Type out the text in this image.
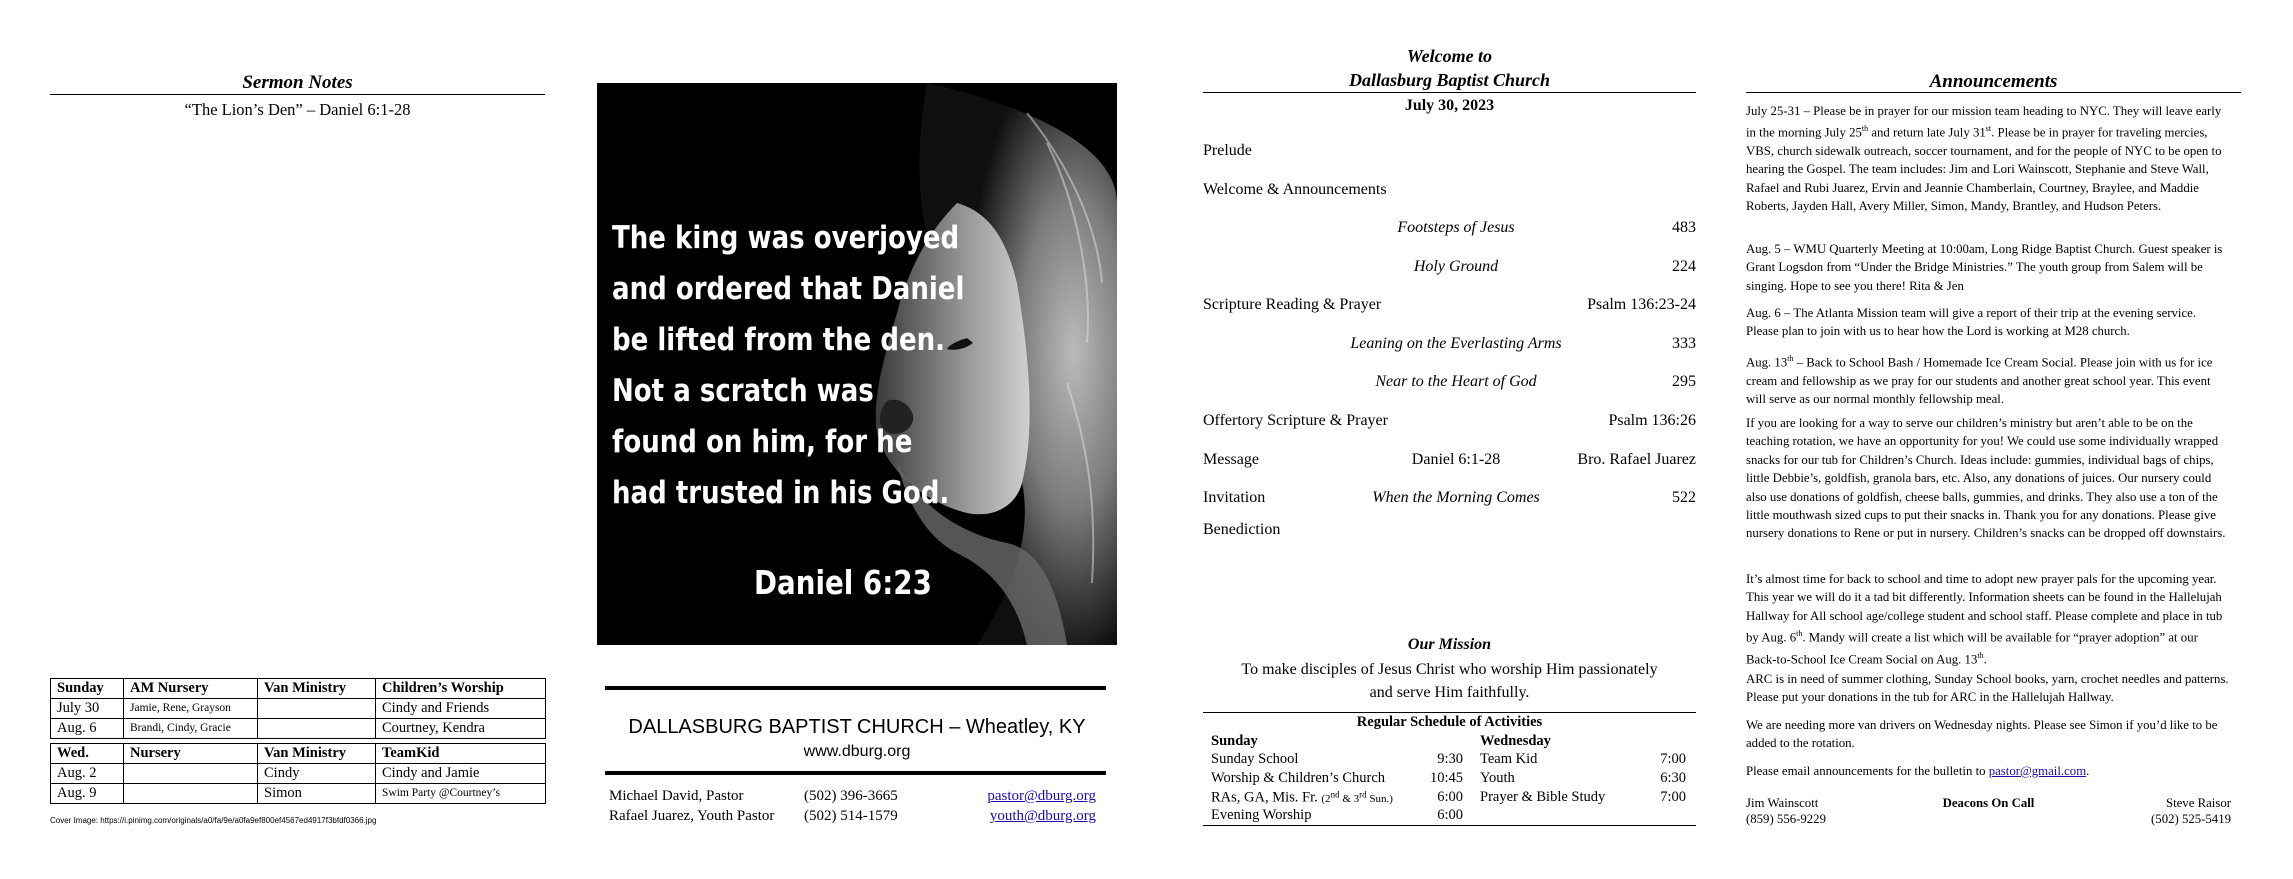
Sermon Notes
“The Lion’s Den” – Daniel 6:1-28
Sunday	AM Nursery	Van Ministry	Children’s Worship
July 30	Jamie, Rene, Grayson		Cindy and Friends
Aug. 6	Brandi, Cindy, Gracie		Courtney, Kendra
Wed.	Nursery	Van Ministry	TeamKid
Aug. 2		Cindy	Cindy and Jamie
Aug. 9		Simon	Swim Party @Courtney’s
Cover Image: https://i.pinimg.com/originals/a0/fa/9e/a0fa9ef800ef4567ed4917f3bfdf0366.jpg
The king was overjoyed
and ordered that Daniel
be lifted from the den.
Not a scratch was
found on him, for he
had trusted in his God.
Daniel 6:23
DALLASBURG BAPTIST CHURCH – Wheatley, KY
www.dburg.org
Michael David, Pastor	(502) 396-3665	pastor@dburg.org
Rafael Juarez, Youth Pastor (502) 514-1579	youth@dburg.org
Welcome to
Dallasburg Baptist Church
July 30, 2023
Prelude
Welcome & Announcements
Footsteps of Jesus	483
Holy Ground	224
Scripture Reading & Prayer	Psalm 136:23-24
Leaning on the Everlasting Arms	333
Near to the Heart of God	295
Offertory Scripture & Prayer	Psalm 136:26
Message	Daniel 6:1-28	Bro. Rafael Juarez
Invitation	When the Morning Comes	522
Benediction
Our Mission
To make disciples of Jesus Christ who worship Him passionately
and serve Him faithfully.
Regular Schedule of Activities
Sunday	Wednesday
Sunday School	9:30 Team Kid	7:00
Worship & Children’s Church	10:45 Youth	6:30
RAs, GA, Mis. Fr. (2nd & 3rd Sun.)	6:00 Prayer & Bible Study	7:00
Evening Worship	6:00
Announcements
July 25-31 – Please be in prayer for our mission team heading to NYC. They will leave early in the morning July 25th and return late July 31st. Please be in prayer for traveling mercies, VBS, church sidewalk outreach, soccer tournament, and for the people of NYC to be open to hearing the Gospel. The team includes: Jim and Lori Wainscott, Stephanie and Steve Wall, Rafael and Rubi Juarez, Ervin and Jeannie Chamberlain, Courtney, Braylee, and Maddie Roberts, Jayden Hall, Avery Miller, Simon, Mandy, Brantley, and Hudson Peters.
Aug. 5 – WMU Quarterly Meeting at 10:00am, Long Ridge Baptist Church. Guest speaker is Grant Logsdon from “Under the Bridge Ministries.” The youth group from Salem will be singing. Hope to see you there! Rita & Jen
Aug. 6 – The Atlanta Mission team will give a report of their trip at the evening service. Please plan to join with us to hear how the Lord is working at M28 church.
Aug. 13th – Back to School Bash / Homemade Ice Cream Social. Please join with us for ice cream and fellowship as we pray for our students and another great school year. This event will serve as our normal monthly fellowship meal.
If you are looking for a way to serve our children’s ministry but aren’t able to be on the teaching rotation, we have an opportunity for you! We could use some individually wrapped snacks for our tub for Children’s Church. Ideas include: gummies, individual bags of chips, little Debbie’s, goldfish, granola bars, etc. Also, any donations of juices. Our nursery could also use donations of goldfish, cheese balls, gummies, and drinks. They also use a ton of the little mouthwash sized cups to put their snacks in. Thank you for any donations. Please give nursery donations to Rene or put in nursery. Children’s snacks can be dropped off downstairs.
It’s almost time for back to school and time to adopt new prayer pals for the upcoming year. This year we will do it a tad bit differently. Information sheets can be found in the Hallelujah Hallway for All school age/college student and school staff. Please complete and place in tub by Aug. 6th. Mandy will create a list which will be available for “prayer adoption” at our Back-to-School Ice Cream Social on Aug. 13th.
ARC is in need of summer clothing, Sunday School books, yarn, crochet needles and patterns. Please put your donations in the tub for ARC in the Hallelujah Hallway.
We are needing more van drivers on Wednesday nights. Please see Simon if you’d like to be added to the rotation.
Please email announcements for the bulletin to pastor@gmail.com.
Jim Wainscott
(859) 556-9229
Deacons On Call	Steve Raisor
(502) 525-5419
